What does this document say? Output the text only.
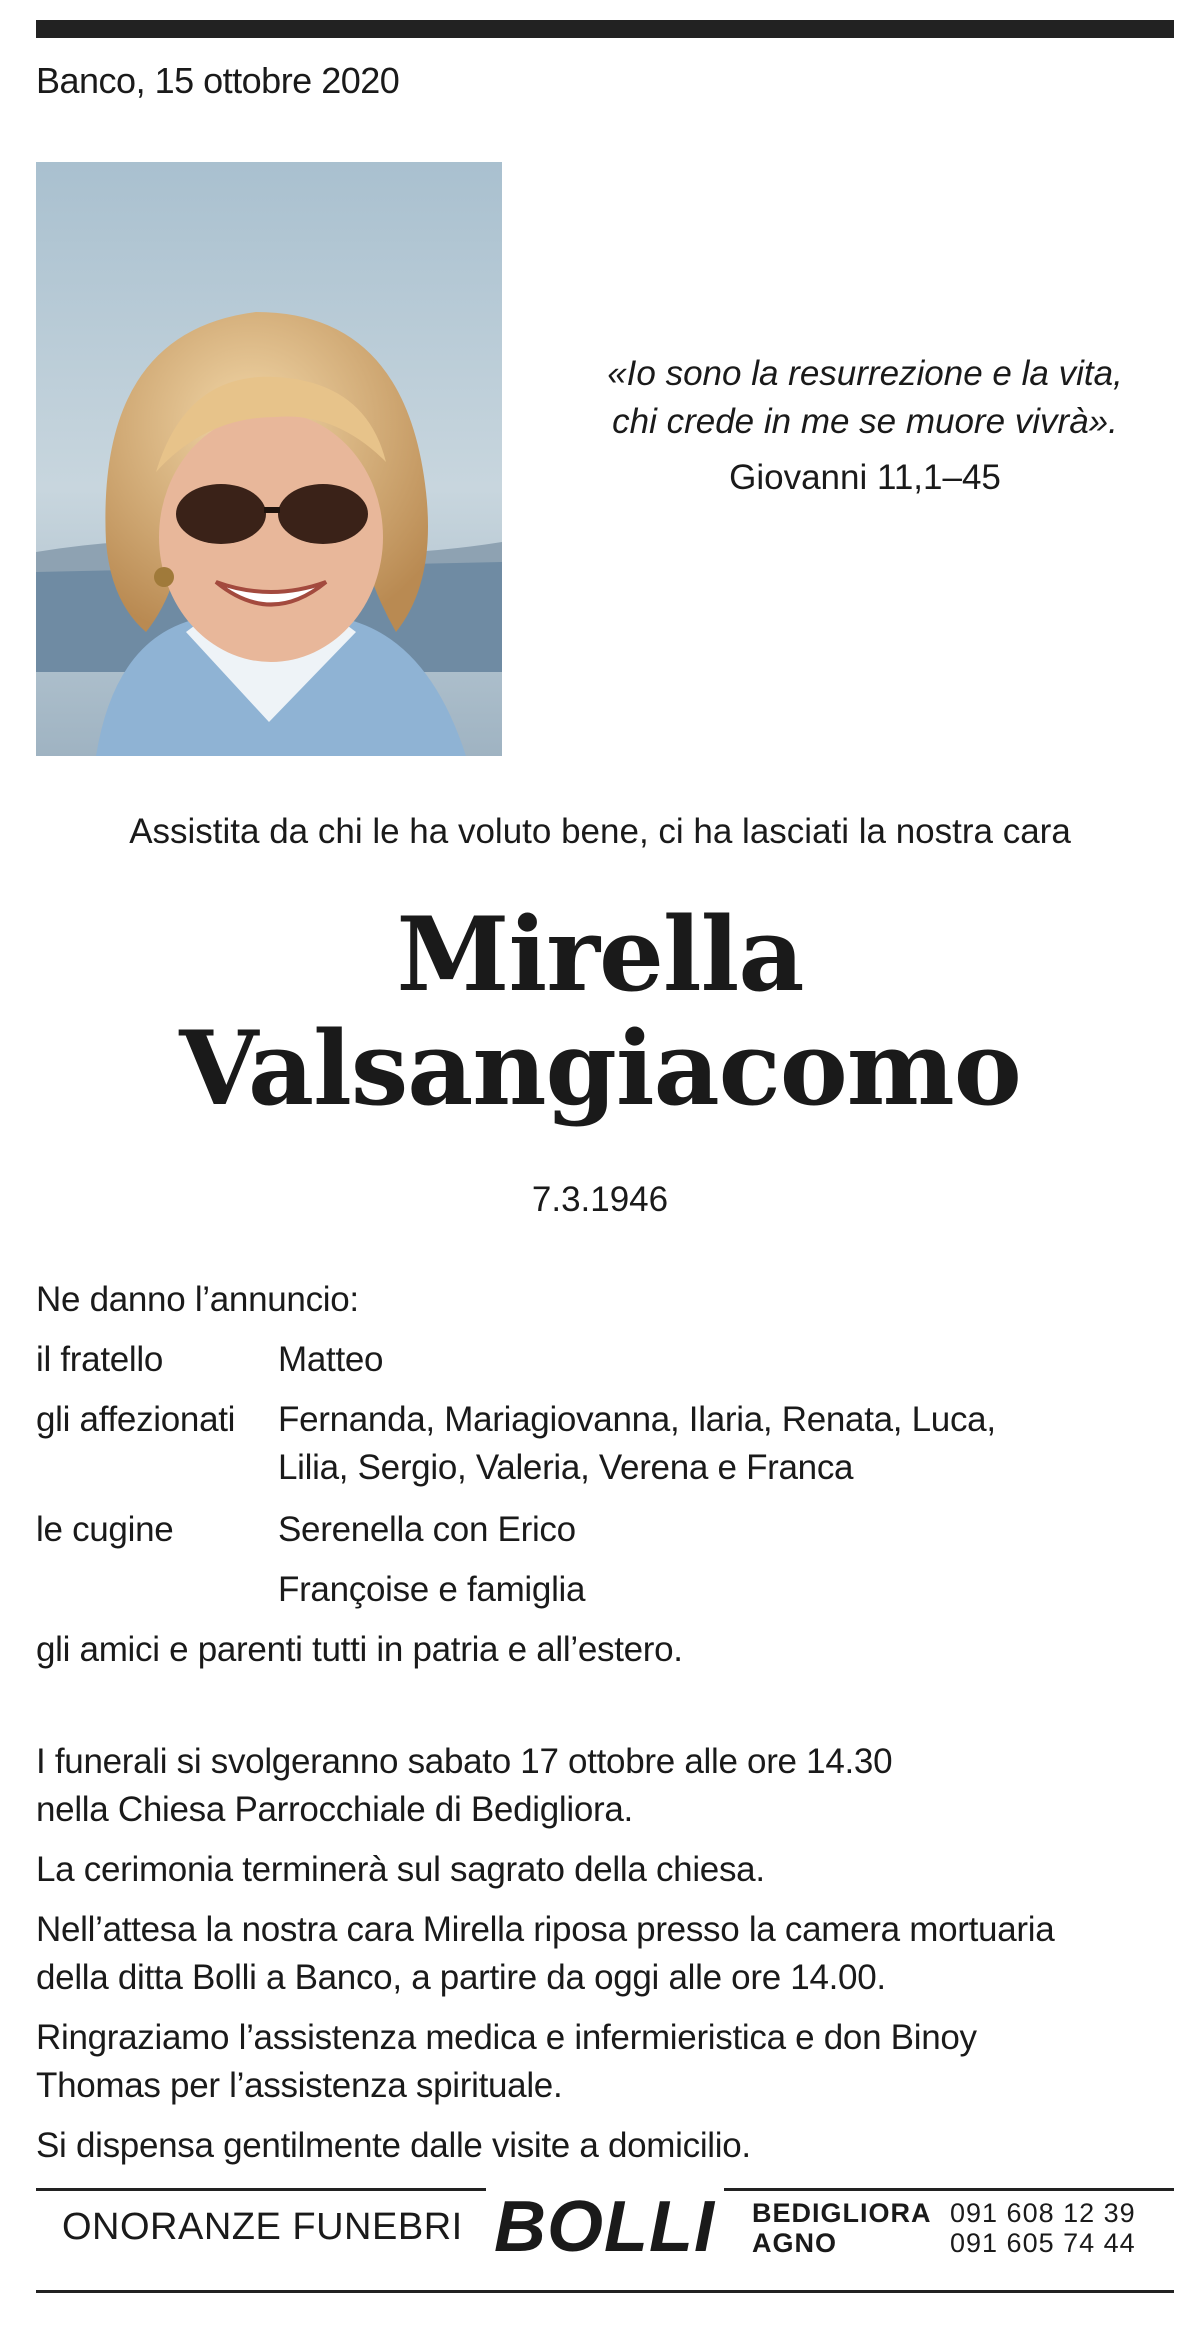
Banco, 15 ottobre 2020
«Io sono la resurrezione e la vita,
chi crede in me se muore vivrà».
Giovanni 11,1–45
Assistita da chi le ha voluto bene, ci ha lasciati la nostra cara
Mirella
Valsangiacomo
7.3.1946
Ne danno l’annuncio:
il fratello	Matteo
gli affezionati Fernanda, Mariagiovanna, Ilaria, Renata, Luca,
Lilia, Sergio, Valeria, Verena e Franca
le cugine	Serenella con Erico
Françoise e famiglia
gli amici e parenti tutti in patria e all’estero.
I funerali si svolgeranno sabato 17 ottobre alle ore 14.30
nella Chiesa Parrocchiale di Bedigliora.
La cerimonia terminerà sul sagrato della chiesa.
Nell’attesa la nostra cara Mirella riposa presso la camera mortuaria
della ditta Bolli a Banco, a partire da oggi alle ore 14.00.
Ringraziamo l’assistenza medica e infermieristica e don Binoy
Thomas per l’assistenza spirituale.
Si dispensa gentilmente dalle visite a domicilio.
ONORANZE FUNEBRI BOLLI BEDIGLIORA
AGNO
091 608 12 39
091 605 74 44
